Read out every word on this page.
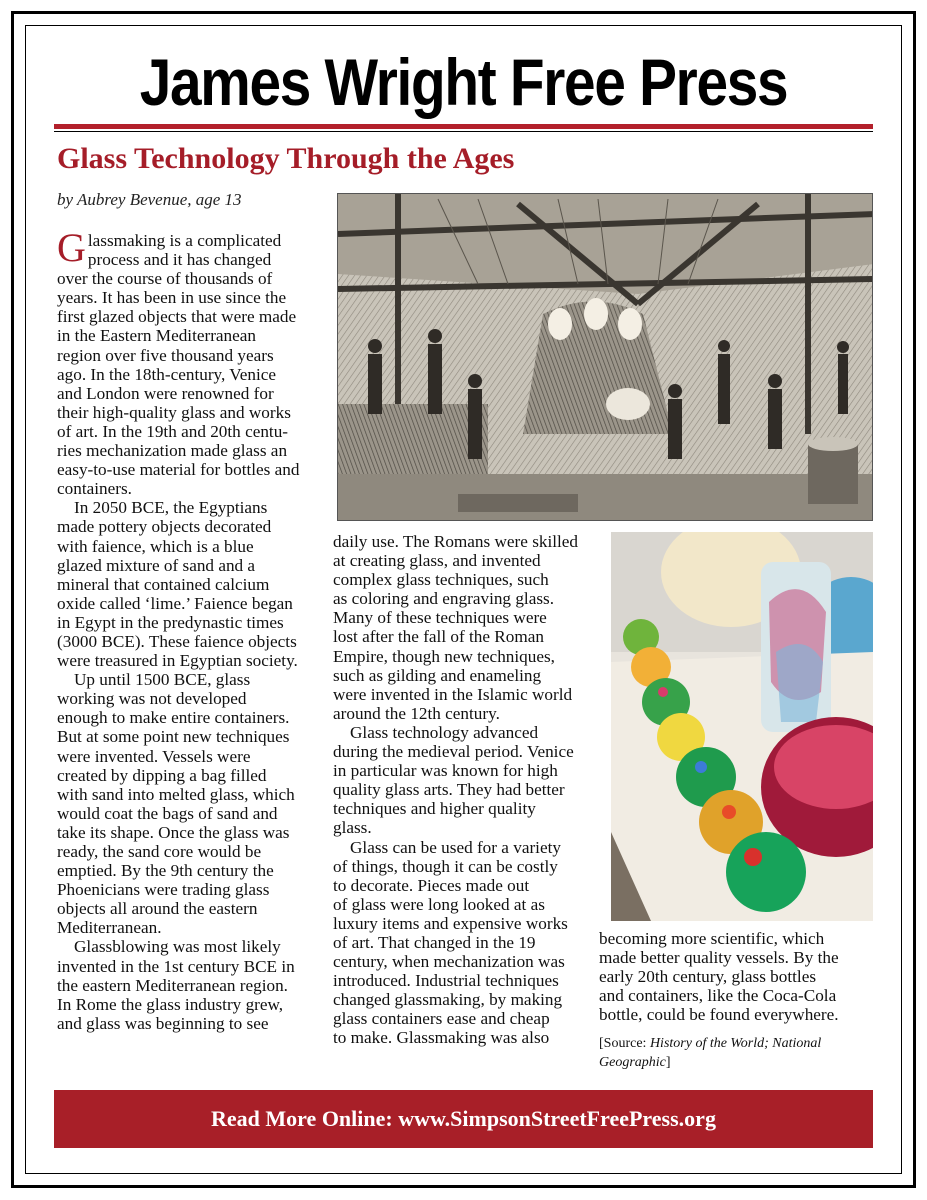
James Wright Free Press
Glass Technology Through the Ages

by Aubrey Bevenue, age 13

Glassmaking is a complicated
process and it has changed
over the course of thousands of
years. It has been in use since the
first glazed objects that were made
in the Eastern Mediterranean
region over five thousand years
ago. In the 18th-century, Venice
and London were renowned for
their high-quality glass and works
of art. In the 19th and 20th centu-
ries mechanization made glass an
easy-to-use material for bottles and
containers.

In 2050 BCE, the Egyptians
made pottery objects decorated
with faience, which is a blue
glazed mixture of sand and a
mineral that contained calcium
oxide called ‘lime.’ Faience began
in Egypt in the predynastic times
(3000 BCE). These faience objects
were treasured in Egyptian society.

Up until 1500 BCE, glass
working was not developed
enough to make entire containers.
But at some point new techniques
were invented. Vessels were
created by dipping a bag filled
with sand into melted glass, which
would coat the bags of sand and
take its shape. Once the glass was
ready, the sand core would be
emptied. By the 9th century the
Phoenicians were trading glass
objects all around the eastern
Mediterranean.

Glassblowing was most likely
invented in the 1st century BCE in
the eastern Mediterranean region.
In Rome the glass industry grew,
and glass was beginning to see

daily use. The Romans were skilled
at creating glass, and invented
complex glass techniques, such
as coloring and engraving glass.
Many of these techniques were
lost after the fall of the Roman
Empire, though new techniques,
such as gilding and enameling
were invented in the Islamic world
around the 12th century.

Glass technology advanced
during the medieval period. Venice
in particular was known for high
quality glass arts. They had better
techniques and higher quality
glass.

Glass can be used for a variety
of things, though it can be costly
to decorate. Pieces made out
of glass were long looked at as
luxury items and expensive works
of art. That changed in the 19
century, when mechanization was
introduced. Industrial techniques
changed glassmaking, by making
glass containers ease and cheap
to make. Glassmaking was also

becoming more scientific, which
made better quality vessels. By the
early 20th century, glass bottles
and containers, like the Coca-Cola
bottle, could be found everywhere.

[Source: History of the World; National Geographic]

Read More Online: www.SimpsonStreetFreePress.org
